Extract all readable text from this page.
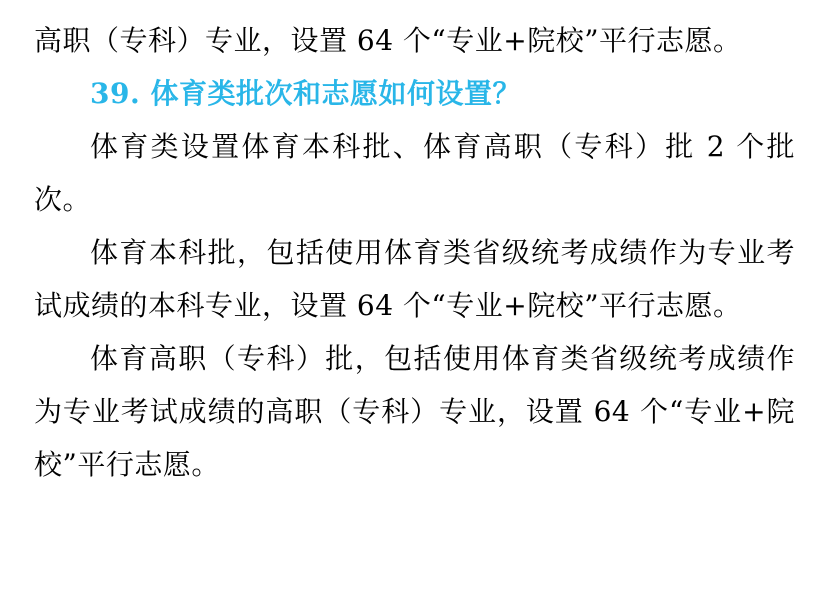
高职（专科）专业，设置 64 个“专业+院校”平行志愿。

39. 体育类批次和志愿如何设置？

体育类设置体育本科批、体育高职（专科）批 2 个批次。

体育本科批，包括使用体育类省级统考成绩作为专业考试成绩的本科专业，设置 64 个“专业+院校”平行志愿。

体育高职（专科）批，包括使用体育类省级统考成绩作为专业考试成绩的高职（专科）专业，设置 64 个“专业+院校”平行志愿。
